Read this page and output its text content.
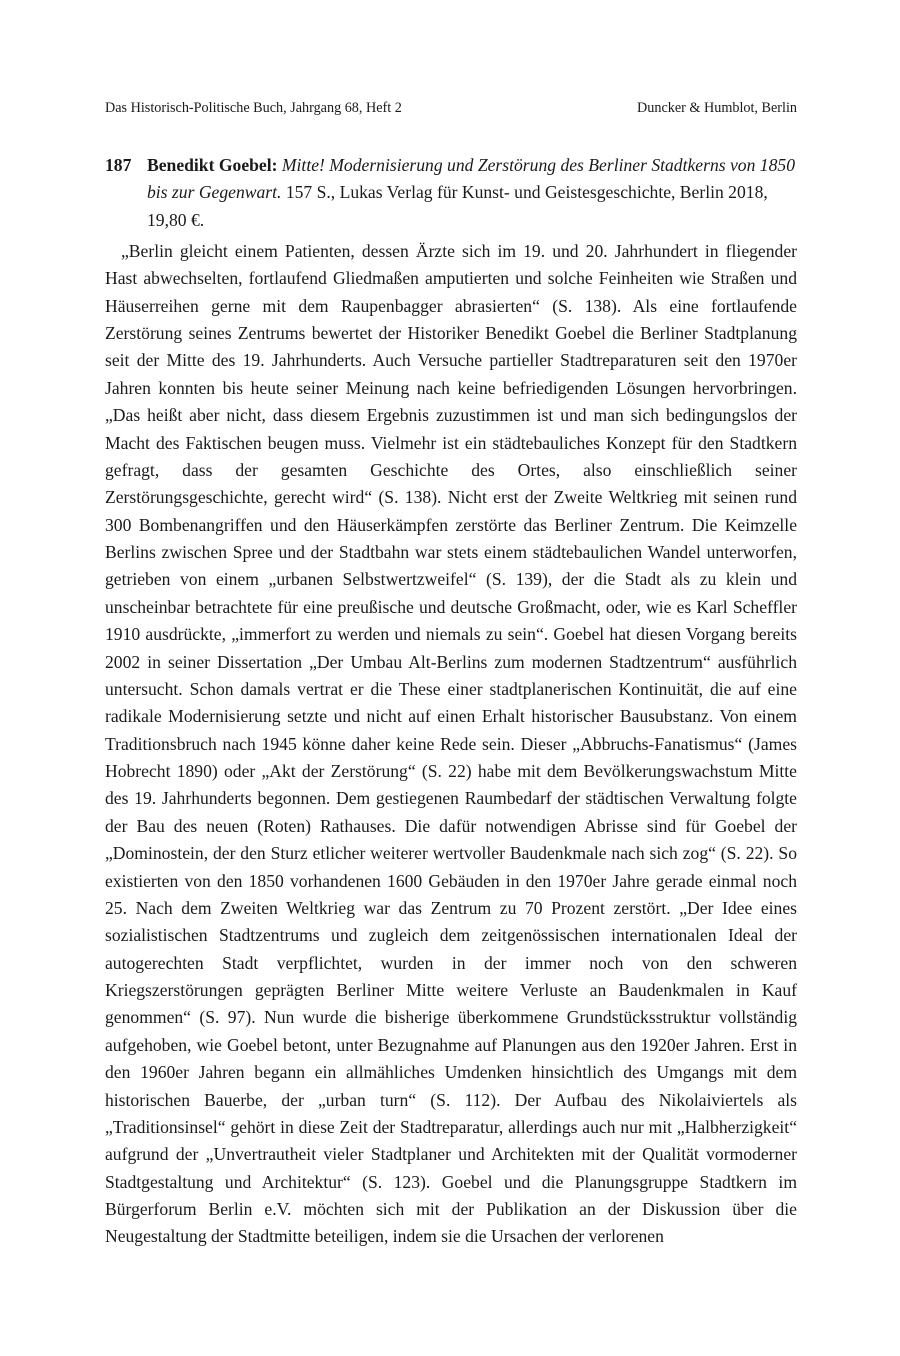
Das Historisch-Politische Buch, Jahrgang 68, Heft 2	Duncker & Humblot, Berlin
187 Benedikt Goebel: Mitte! Modernisierung und Zerstörung des Berliner Stadtkerns von 1850 bis zur Gegenwart. 157 S., Lukas Verlag für Kunst- und Geistesgeschichte, Berlin 2018, 19,80 €.

„Berlin gleicht einem Patienten, dessen Ärzte sich im 19. und 20. Jahrhundert in fliegender Hast abwechselten, fortlaufend Gliedmaßen amputierten und solche Feinheiten wie Straßen und Häuserreihen gerne mit dem Raupenbagger abrasierten“ (S. 138). Als eine fortlaufende Zerstörung seines Zentrums bewertet der Historiker Benedikt Goebel die Berliner Stadtplanung seit der Mitte des 19. Jahrhunderts. Auch Versuche partieller Stadtreparaturen seit den 1970er Jahren konnten bis heute seiner Meinung nach keine befriedigenden Lösungen hervorbringen. „Das heißt aber nicht, dass diesem Ergebnis zuzustimmen ist und man sich bedingungslos der Macht des Faktischen beugen muss. Vielmehr ist ein städtebauliches Konzept für den Stadtkern gefragt, dass der gesamten Geschichte des Ortes, also einschließlich seiner Zerstörungsgeschichte, gerecht wird“ (S. 138). Nicht erst der Zweite Weltkrieg mit seinen rund 300 Bombenangriffen und den Häuserkämpfen zerstörte das Berliner Zentrum. Die Keimzelle Berlins zwischen Spree und der Stadtbahn war stets einem städtebaulichen Wandel unterworfen, getrieben von einem „urbanen Selbstwertzweifel“ (S. 139), der die Stadt als zu klein und unscheinbar betrachtete für eine preußische und deutsche Großmacht, oder, wie es Karl Scheffler 1910 ausdrückte, „immerfort zu werden und niemals zu sein“. Goebel hat diesen Vorgang bereits 2002 in seiner Dissertation „Der Umbau Alt-Berlins zum modernen Stadtzentrum“ ausführlich untersucht. Schon damals vertrat er die These einer stadtplanerischen Kontinuität, die auf eine radikale Modernisierung setzte und nicht auf einen Erhalt historischer Bausubstanz. Von einem Traditionsbruch nach 1945 könne daher keine Rede sein. Dieser „Abbruchs-Fanatismus“ (James Hobrecht 1890) oder „Akt der Zerstörung“ (S. 22) habe mit dem Bevölkerungswachstum Mitte des 19. Jahrhunderts begonnen. Dem gestiegenen Raumbedarf der städtischen Verwaltung folgte der Bau des neuen (Roten) Rathauses. Die dafür notwendigen Abrisse sind für Goebel der „Dominostein, der den Sturz etlicher weiterer wertvoller Baudenkmale nach sich zog“ (S. 22). So existierten von den 1850 vorhandenen 1600 Gebäuden in den 1970er Jahre gerade einmal noch 25. Nach dem Zweiten Weltkrieg war das Zentrum zu 70 Prozent zerstört. „Der Idee eines sozialistischen Stadtzentrums und zugleich dem zeitgenössischen internationalen Ideal der autogerechten Stadt verpflichtet, wurden in der immer noch von den schweren Kriegszerstörungen geprägten Berliner Mitte weitere Verluste an Baudenkmalen in Kauf genommen“ (S. 97). Nun wurde die bisherige überkommene Grundstücksstruktur vollständig aufgehoben, wie Goebel betont, unter Bezugnahme auf Planungen aus den 1920er Jahren. Erst in den 1960er Jahren begann ein allmähliches Umdenken hinsichtlich des Umgangs mit dem historischen Bauerbe, der „urban turn“ (S. 112). Der Aufbau des Nikolaiviertels als „Traditionsinsel“ gehört in diese Zeit der Stadtreparatur, allerdings auch nur mit „Halbherzigkeit“ aufgrund der „Unvertrautheit vieler Stadtplaner und Architekten mit der Qualität vormoderner Stadtgestaltung und Architektur“ (S. 123). Goebel und die Planungsgruppe Stadtkern im Bürgerforum Berlin e.V. möchten sich mit der Publikation an der Diskussion über die Neugestaltung der Stadtmitte beteiligen, indem sie die Ursachen der verlorenen
